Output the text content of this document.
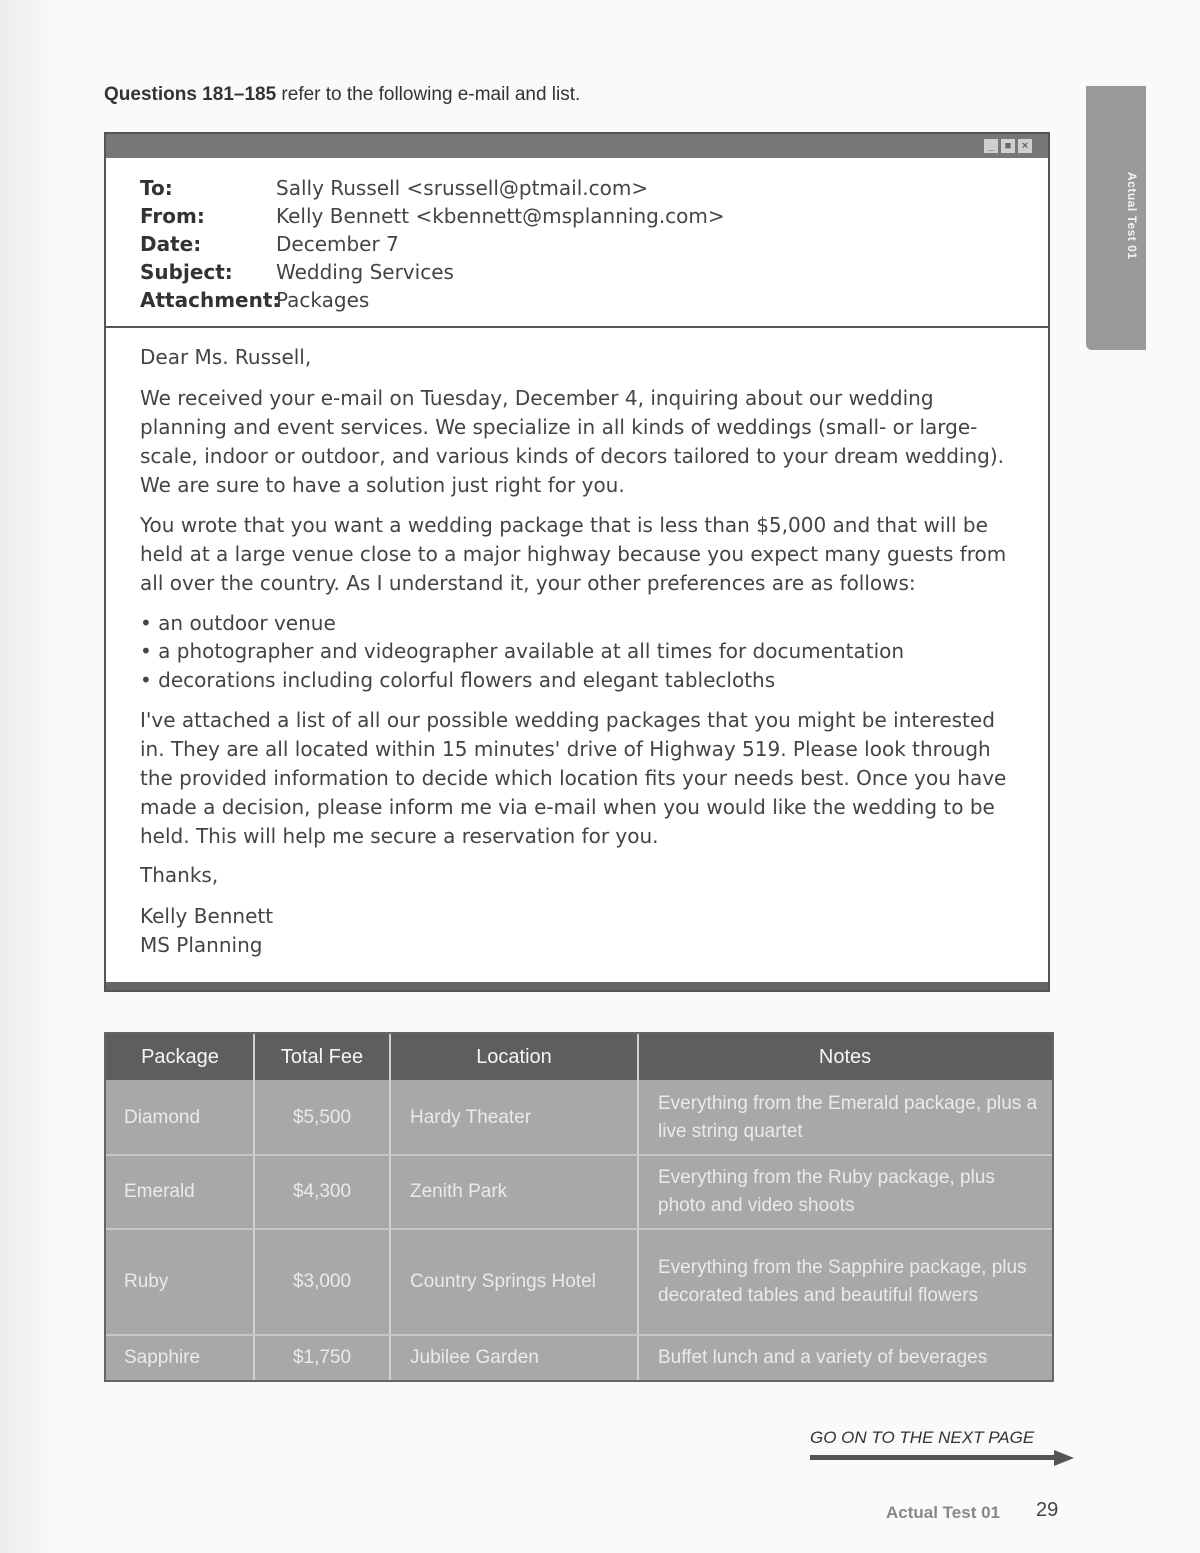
Actual Test 01
Questions 181–185 refer to the following e-mail and list.
_ ■ ×
To:	Sally Russell <srussell@ptmail.com>
From:	Kelly Bennett <kbennett@msplanning.com>
Date:	December 7
Subject: Wedding Services
Attachment:
Packages

Dear Ms. Russell,

We received your e-mail on Tuesday, December 4, inquiring about our wedding planning and event services. We specialize in all kinds of weddings (small- or large-scale, indoor or outdoor, and various kinds of decors tailored to your dream wedding). We are sure to have a solution just right for you.

You wrote that you want a wedding package that is less than $5,000 and that will be held at a large venue close to a major highway because you expect many guests from all over the country. As I understand it, your other preferences are as follows:

• an outdoor venue

• a photographer and videographer available at all times for documentation

• decorations including colorful flowers and elegant tablecloths

I've attached a list of all our possible wedding packages that you might be interested in. They are all located within 15 minutes' drive of Highway 519. Please look through the provided information to decide which location fits your needs best. Once you have made a decision, please inform me via e-mail when you would like the wedding to be held. This will help me secure a reservation for you.

Thanks,

Kelly Bennett

MS Planning

Package	Total Fee	Location	Notes
Diamond	$5,500	Hardy Theater
Everything from the Emerald package, plus a live string quartet
Emerald	$4,300	Zenith Park
Everything from the Ruby package, plus photo and video shoots
Ruby	$3,000	Country Springs Hotel
Everything from the Sapphire package, plus decorated tables and beautiful flowers
Sapphire	$1,750	Jubilee Garden	Buffet lunch and a variety of beverages
GO ON TO THE NEXT PAGE
Actual Test 01 29
